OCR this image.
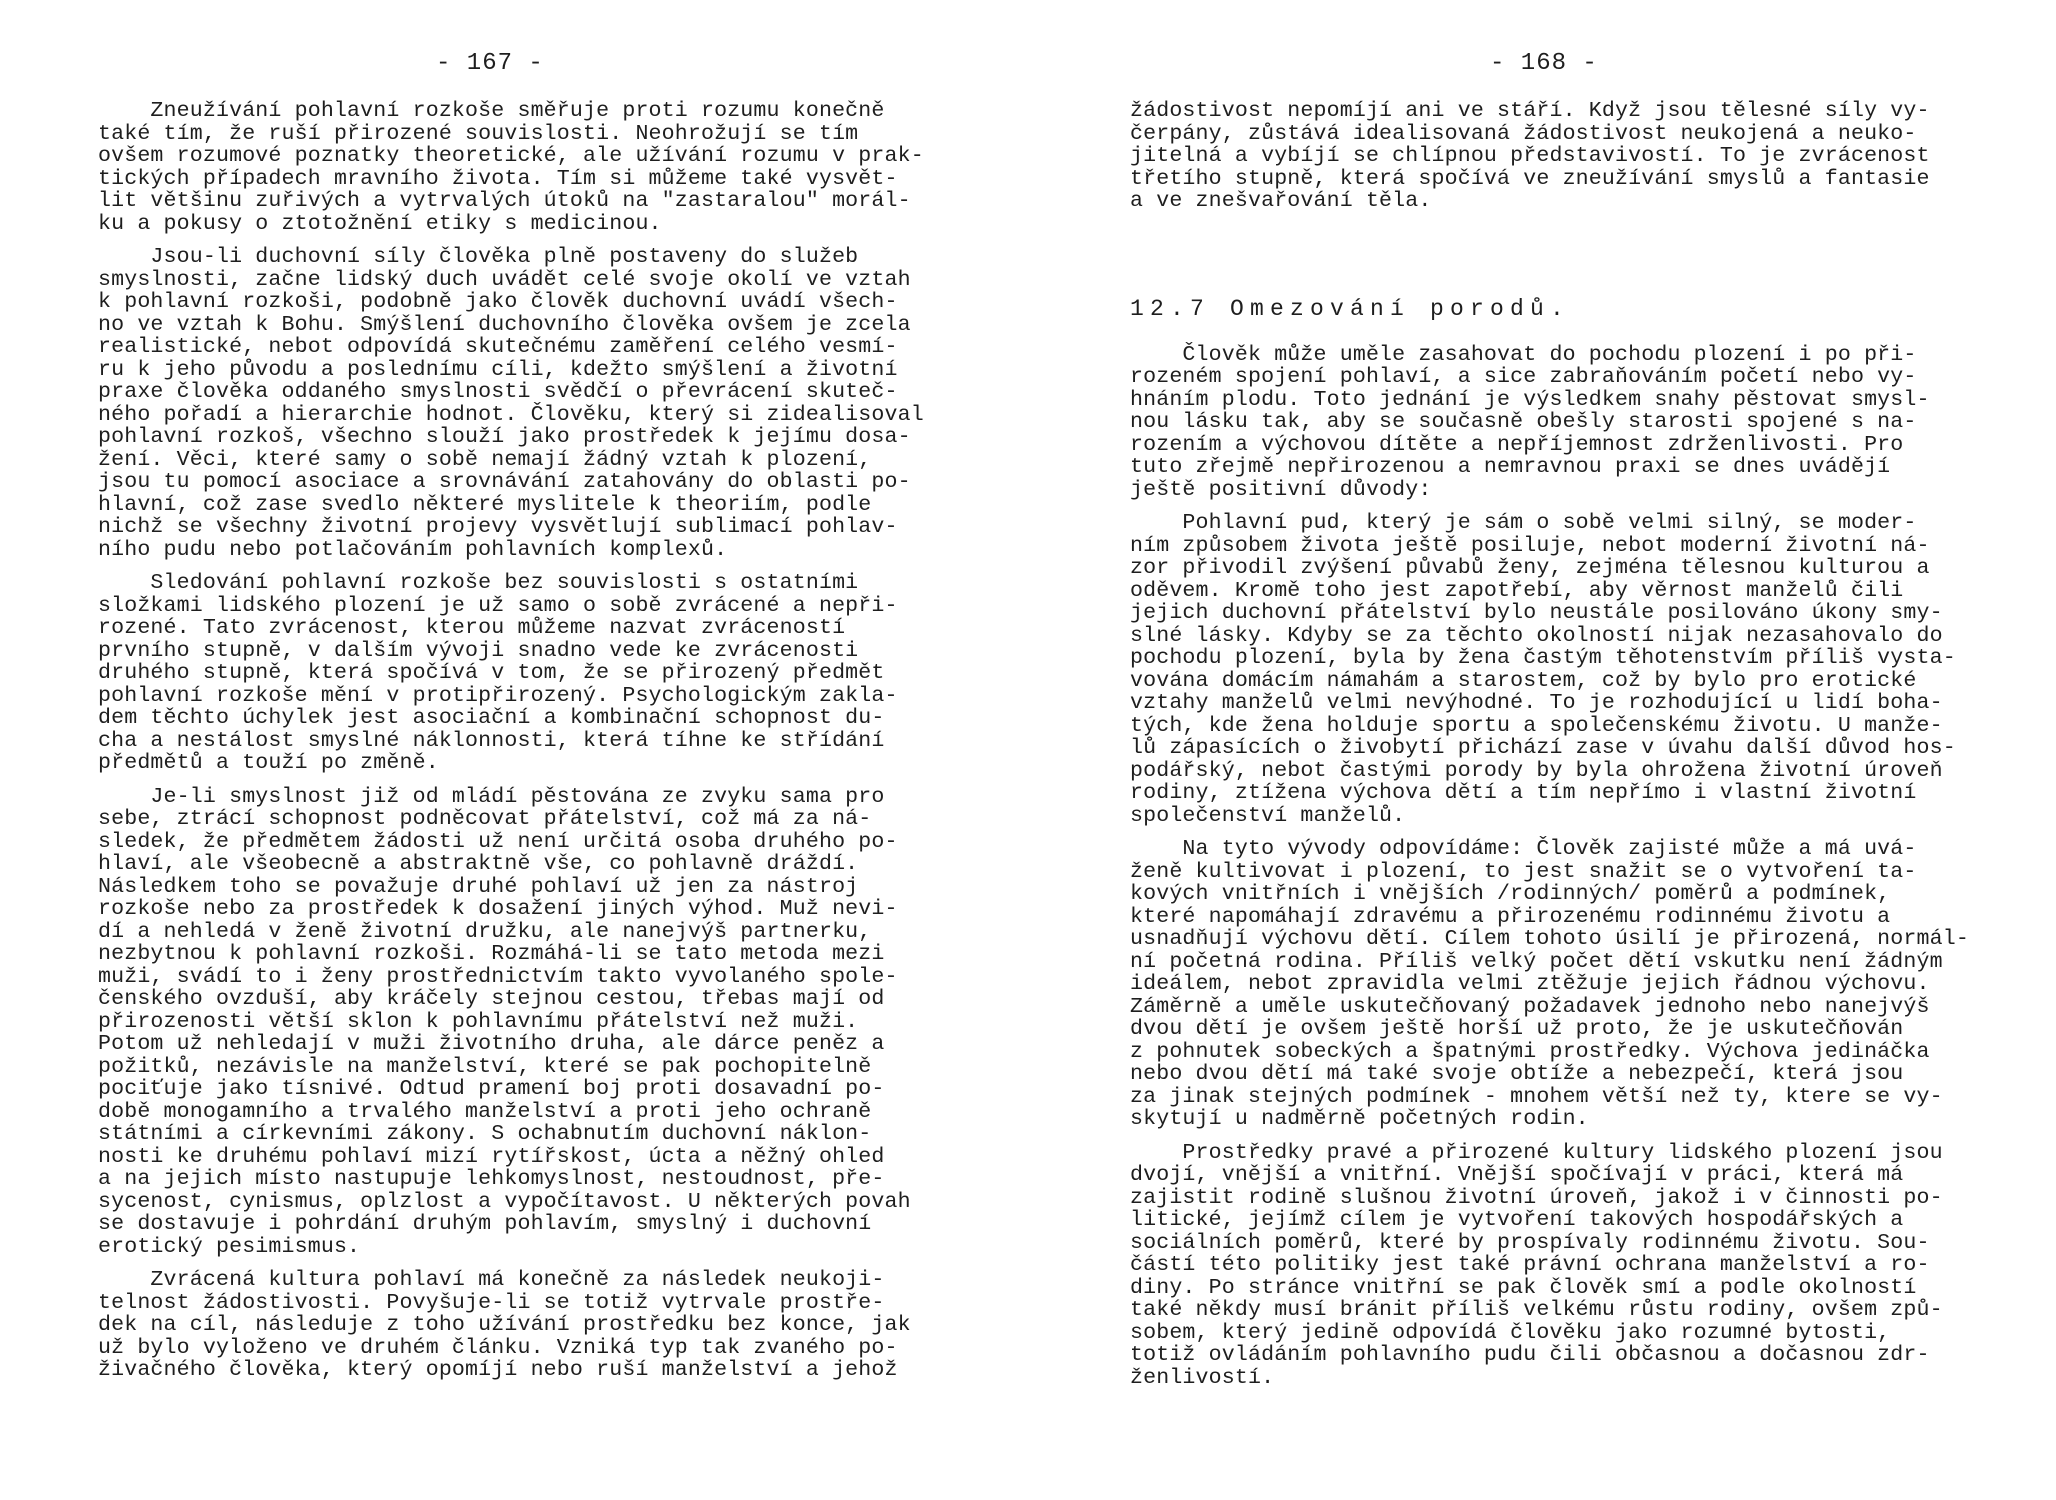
- 167 -
Zneužívání pohlavní rozkoše směřuje proti rozumu konečně
také tím, že ruší přirozené souvislosti. Neohrožují se tím
ovšem rozumové poznatky theoretické, ale užívání rozumu v prak-
tických případech mravního života. Tím si můžeme také vysvět-
lit většinu zuřivých a vytrvalých útoků na "zastaralou" morál-
ku a pokusy o ztotožnění etiky s medicinou.
Jsou-li duchovní síly člověka plně postaveny do služeb
smyslnosti, začne lidský duch uvádět celé svoje okolí ve vztah
k pohlavní rozkoši, podobně jako člověk duchovní uvádí všech-
no ve vztah k Bohu. Smýšlení duchovního člověka ovšem je zcela
realistické, nebot odpovídá skutečnému zaměření celého vesmí-
ru k jeho původu a poslednímu cíli, kdežto smýšlení a životní
praxe člověka oddaného smyslnosti svědčí o převrácení skuteč-
ného pořadí a hierarchie hodnot. Člověku, který si zidealisoval
pohlavní rozkoš, všechno slouží jako prostředek k jejímu dosa-
žení. Věci, které samy o sobě nemají žádný vztah k plození,
jsou tu pomocí asociace a srovnávání zatahovány do oblasti po-
hlavní, což zase svedlo některé myslitele k theoriím, podle
nichž se všechny životní projevy vysvětlují sublimací pohlav-
ního pudu nebo potlačováním pohlavních komplexů.
Sledování pohlavní rozkoše bez souvislosti s ostatními
složkami lidského plození je už samo o sobě zvrácené a nepři-
rozené. Tato zvrácenost, kterou můžeme nazvat zvráceností
prvního stupně, v dalším vývoji snadno vede ke zvrácenosti
druhého stupně, která spočívá v tom, že se přirozený předmět
pohlavní rozkoše mění v protipřirozený. Psychologickým zakla-
dem těchto úchylek jest asociační a kombinační schopnost du-
cha a nestálost smyslné náklonnosti, která tíhne ke střídání
předmětů a touží po změně.
Je-li smyslnost již od mládí pěstována ze zvyku sama pro
sebe, ztrácí schopnost podněcovat přátelství, což má za ná-
sledek, že předmětem žádosti už není určitá osoba druhého po-
hlaví, ale všeobecně a abstraktně vše, co pohlavně dráždí.
Následkem toho se považuje druhé pohlaví už jen za nástroj
rozkoše nebo za prostředek k dosažení jiných výhod. Muž nevi-
dí a nehledá v ženě životní družku, ale nanejvýš partnerku,
nezbytnou k pohlavní rozkoši. Rozmáhá-li se tato metoda mezi
muži, svádí to i ženy prostřednictvím takto vyvolaného spole-
čenského ovzduší, aby kráčely stejnou cestou, třebas mají od
přirozenosti větší sklon k pohlavnímu přátelství než muži.
Potom už nehledají v muži životního druha, ale dárce peněz a
požitků, nezávisle na manželství, které se pak pochopitelně
pociťuje jako tísnivé. Odtud pramení boj proti dosavadní po-
době monogamního a trvalého manželství a proti jeho ochraně
státními a církevními zákony. S ochabnutím duchovní náklon-
nosti ke druhému pohlaví mizí rytířskost, úcta a něžný ohled
a na jejich místo nastupuje lehkomyslnost, nestoudnost, pře-
sycenost, cynismus, oplzlost a vypočítavost. U některých povah
se dostavuje i pohrdání druhým pohlavím, smyslný i duchovní
erotický pesimismus.
Zvrácená kultura pohlaví má konečně za následek neukoji-
telnost žádostivosti. Povyšuje-li se totiž vytrvale prostře-
dek na cíl, následuje z toho užívání prostředku bez konce, jak
už bylo vyloženo ve druhém článku. Vzniká typ tak zvaného po-
živačného člověka, který opomíjí nebo ruší manželství a jehož
- 168 -
žádostivost nepomíjí ani ve stáří. Když jsou tělesné síly vy-
čerpány, zůstává idealisovaná žádostivost neukojená a neuko-
jitelná a vybíjí se chlípnou představivostí. To je zvrácenost
třetího stupně, která spočívá ve zneužívání smyslů a fantasie
a ve znešvařování těla.
12.7 Omezování porodů.
Člověk může uměle zasahovat do pochodu plození i po při-
rozeném spojení pohlaví, a sice zabraňováním početí nebo vy-
hnáním plodu. Toto jednání je výsledkem snahy pěstovat smysl-
nou lásku tak, aby se současně obešly starosti spojené s na-
rozením a výchovou dítěte a nepříjemnost zdrženlivosti. Pro
tuto zřejmě nepřirozenou a nemravnou praxi se dnes uvádějí
ještě positivní důvody:
Pohlavní pud, který je sám o sobě velmi silný, se moder-
ním způsobem života ještě posiluje, nebot moderní životní ná-
zor přivodil zvýšení půvabů ženy, zejména tělesnou kulturou a
oděvem. Kromě toho jest zapotřebí, aby věrnost manželů čili
jejich duchovní přátelství bylo neustále posilováno úkony smy-
slné lásky. Kdyby se za těchto okolností nijak nezasahovalo do
pochodu plození, byla by žena častým těhotenstvím příliš vysta-
vována domácím námahám a starostem, což by bylo pro erotické
vztahy manželů velmi nevýhodné. To je rozhodující u lidí boha-
tých, kde žena holduje sportu a společenskému životu. U manže-
lů zápasících o živobytí přichází zase v úvahu další důvod hos-
podářský, nebot častými porody by byla ohrožena životní úroveň
rodiny, ztížena výchova dětí a tím nepřímo i vlastní životní
společenství manželů.
Na tyto vývody odpovídáme: Člověk zajisté může a má uvá-
ženě kultivovat i plození, to jest snažit se o vytvoření ta-
kových vnitřních i vnějších /rodinných/ poměrů a podmínek,
které napomáhají zdravému a přirozenému rodinnému životu a
usnadňují výchovu dětí. Cílem tohoto úsilí je přirozená, normál-
ní početná rodina. Příliš velký počet dětí vskutku není žádným
ideálem, nebot zpravidla velmi ztěžuje jejich řádnou výchovu.
Záměrně a uměle uskutečňovaný požadavek jednoho nebo nanejvýš
dvou dětí je ovšem ještě horší už proto, že je uskutečňován
z pohnutek sobeckých a špatnými prostředky. Výchova jedináčka
nebo dvou dětí má také svoje obtíže a nebezpečí, která jsou
za jinak stejných podmínek - mnohem větší než ty, ktere se vy-
skytují u nadměrně početných rodin.
Prostředky pravé a přirozené kultury lidského plození jsou
dvojí, vnější a vnitřní. Vnější spočívají v práci, která má
zajistit rodině slušnou životní úroveň, jakož i v činnosti po-
litické, jejímž cílem je vytvoření takových hospodářských a
sociálních poměrů, které by prospívaly rodinnému životu. Sou-
částí této politiky jest také právní ochrana manželství a ro-
diny. Po stránce vnitřní se pak člověk smí a podle okolností
také někdy musí bránit příliš velkému růstu rodiny, ovšem způ-
sobem, který jedině odpovídá člověku jako rozumné bytosti,
totiž ovládáním pohlavního pudu čili občasnou a dočasnou zdr-
ženlivostí.
